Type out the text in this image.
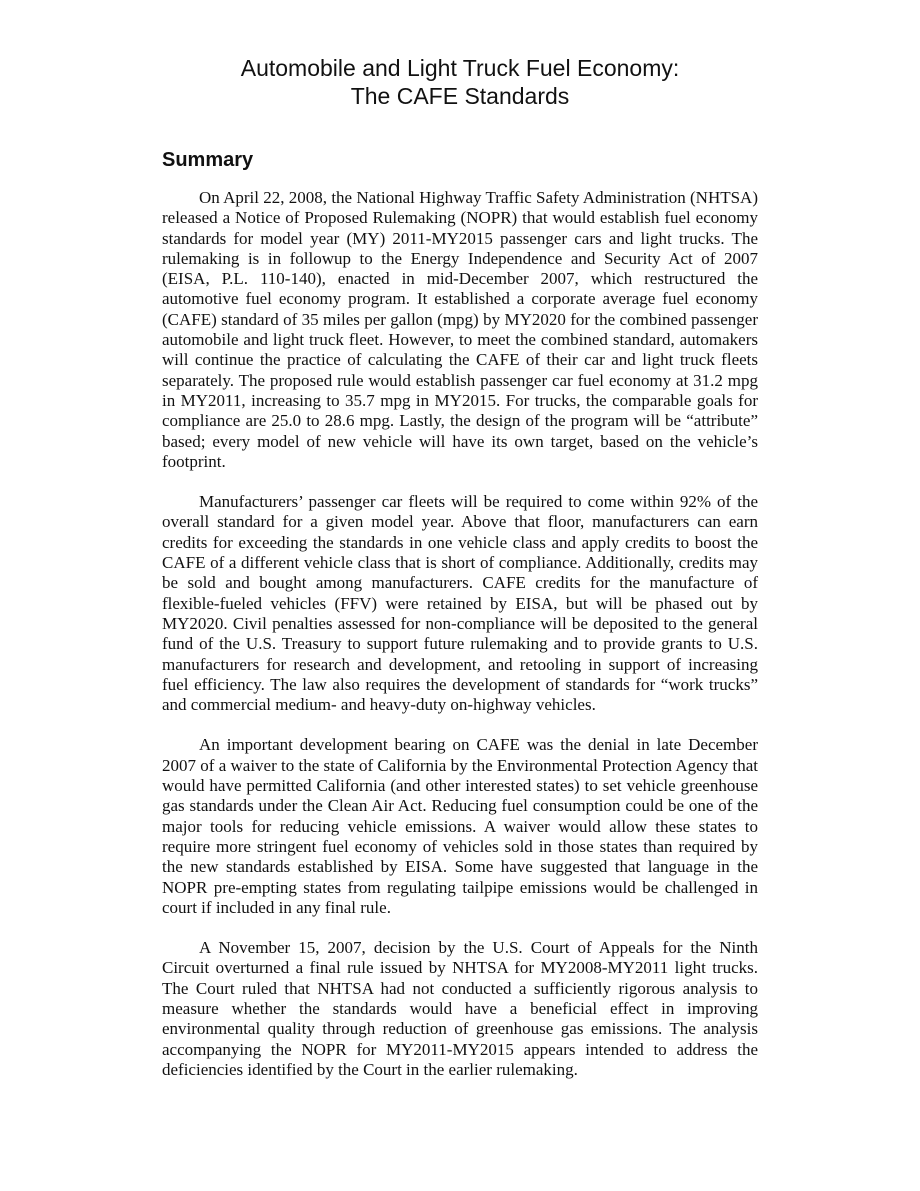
Automobile and Light Truck Fuel Economy:
The CAFE Standards
Summary

On April 22, 2008, the National Highway Traffic Safety Administration (NHTSA) released a Notice of Proposed Rulemaking (NOPR) that would establish fuel economy standards for model year (MY) 2011-MY2015 passenger cars and light trucks. The rulemaking is in followup to the Energy Independence and Security Act of 2007 (EISA, P.L. 110-140), enacted in mid-December 2007, which restructured the automotive fuel economy program. It established a corporate average fuel economy (CAFE) standard of 35 miles per gallon (mpg) by MY2020 for the combined passenger automobile and light truck fleet. However, to meet the combined standard, automakers will continue the practice of calculating the CAFE of their car and light truck fleets separately. The proposed rule would establish passenger car fuel economy at 31.2 mpg in MY2011, increasing to 35.7 mpg in MY2015. For trucks, the comparable goals for compliance are 25.0 to 28.6 mpg. Lastly, the design of the program will be “attribute” based; every model of new vehicle will have its own target, based on the vehicle’s footprint.

Manufacturers’ passenger car fleets will be required to come within 92% of the overall standard for a given model year. Above that floor, manufacturers can earn credits for exceeding the standards in one vehicle class and apply credits to boost the CAFE of a different vehicle class that is short of compliance. Additionally, credits may be sold and bought among manufacturers. CAFE credits for the manufacture of flexible-fueled vehicles (FFV) were retained by EISA, but will be phased out by MY2020. Civil penalties assessed for non-compliance will be deposited to the general fund of the U.S. Treasury to support future rulemaking and to provide grants to U.S. manufacturers for research and development, and retooling in support of increasing fuel efficiency. The law also requires the development of standards for “work trucks” and commercial medium- and heavy-duty on-highway vehicles.

An important development bearing on CAFE was the denial in late December 2007 of a waiver to the state of California by the Environmental Protection Agency that would have permitted California (and other interested states) to set vehicle greenhouse gas standards under the Clean Air Act. Reducing fuel consumption could be one of the major tools for reducing vehicle emissions. A waiver would allow these states to require more stringent fuel economy of vehicles sold in those states than required by the new standards established by EISA. Some have suggested that language in the NOPR pre-empting states from regulating tailpipe emissions would be challenged in court if included in any final rule.

A November 15, 2007, decision by the U.S. Court of Appeals for the Ninth Circuit overturned a final rule issued by NHTSA for MY2008-MY2011 light trucks. The Court ruled that NHTSA had not conducted a sufficiently rigorous analysis to measure whether the standards would have a beneficial effect in improving environmental quality through reduction of greenhouse gas emissions. The analysis accompanying the NOPR for MY2011-MY2015 appears intended to address the deficiencies identified by the Court in the earlier rulemaking.
